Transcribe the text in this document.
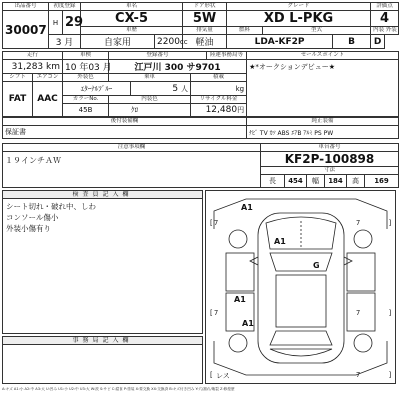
出品番号	初度登録		車名		ドア形状	グレード			評価点
30007	H	29	CX-5		5W	XD L-PKG			4
			車歴		排気量	燃料	型式		内装 外装
	3 月		自家用	2200cc	軽油	LDA-KF2P		B	D
走行		車検	登録番号			陸運事務局等	セールスポイント
31,283 km		10 年03 月	江戸川 300 サ9701				★*オークションデビュー★
シフト	エアコン	外装色	乗車		積載		
FAT	AAC	ｴﾀｰﾅﾙﾌﾞﾙｰ		5 人	kg		
		カラーNo.	内装色		リサイクル料金		
		45B	ｸﾛ		12,480円		
後付装備欄	純正装備
保証書	ﾅﾋﾞ TV ｶｿ ABS ｴｱB ｱﾙﾐ PS PW
注意事項欄	車台番号					
１９インチＡＷ	KF2P-100898					
	寸法					
	長	454	幅	184	高	169
検査員記入欄
シート切れ・破れ中、しわ
コンソール傷小
外装小傷有り
事務局記入欄
[ 7	7	]
[ 7	7	]
[ レス	7	]
A1
A1
G
A1
A1
A:キズ A1:小 A2:中 A3:大 U:凹み U1:小 U2:中 U3:大 W:波 S:サビ C:腐食 P:塗装 X:要交換 XX:交換済 B:キズ付き凹み Y:穴/割れ/亀裂 Z:修復歴
